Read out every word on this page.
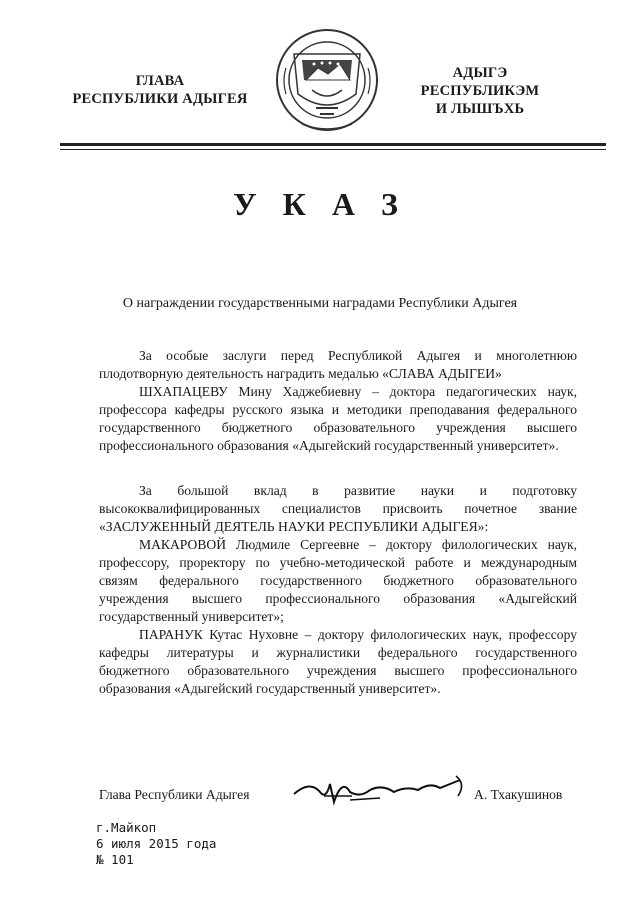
ГЛАВА
РЕСПУБЛИКИ АДЫГЕЯ
АДЫГЭ РЕСПУБЛИКЭМ
И ЛЫШЪХЬ
У К А З
О награждении государственными наградами Республики Адыгея

За особые заслуги перед Республикой Адыгея и многолетнюю плодотворную деятельность наградить медалью «СЛАВА АДЫГЕИ»

ШХАПАЦЕВУ Мину Хаджебиевну – доктора педагогических наук, профессора кафедры русского языка и методики преподавания федерального государственного бюджетного образовательного учреждения высшего профессионального образования «Адыгейский государственный университет».

За большой вклад в развитие науки и подготовку высококвалифицированных специалистов присвоить почетное звание «ЗАСЛУЖЕННЫЙ ДЕЯТЕЛЬ НАУКИ РЕСПУБЛИКИ АДЫГЕЯ»:

МАКАРОВОЙ Людмиле Сергеевне – доктору филологических наук, профессору, проректору по учебно-методической работе и международным связям федерального государственного бюджетного образовательного учреждения высшего профессионального образования «Адыгейский государственный университет»;

ПАРАНУК Кутас Нуховне – доктору филологических наук, профессору кафедры литературы и журналистики федерального государственного бюджетного образовательного учреждения высшего профессионального образования «Адыгейский государственный университет».

Глава Республики Адыгея	А. Тхакушинов
г.Майкоп
6 июля 2015 года
№ 101
